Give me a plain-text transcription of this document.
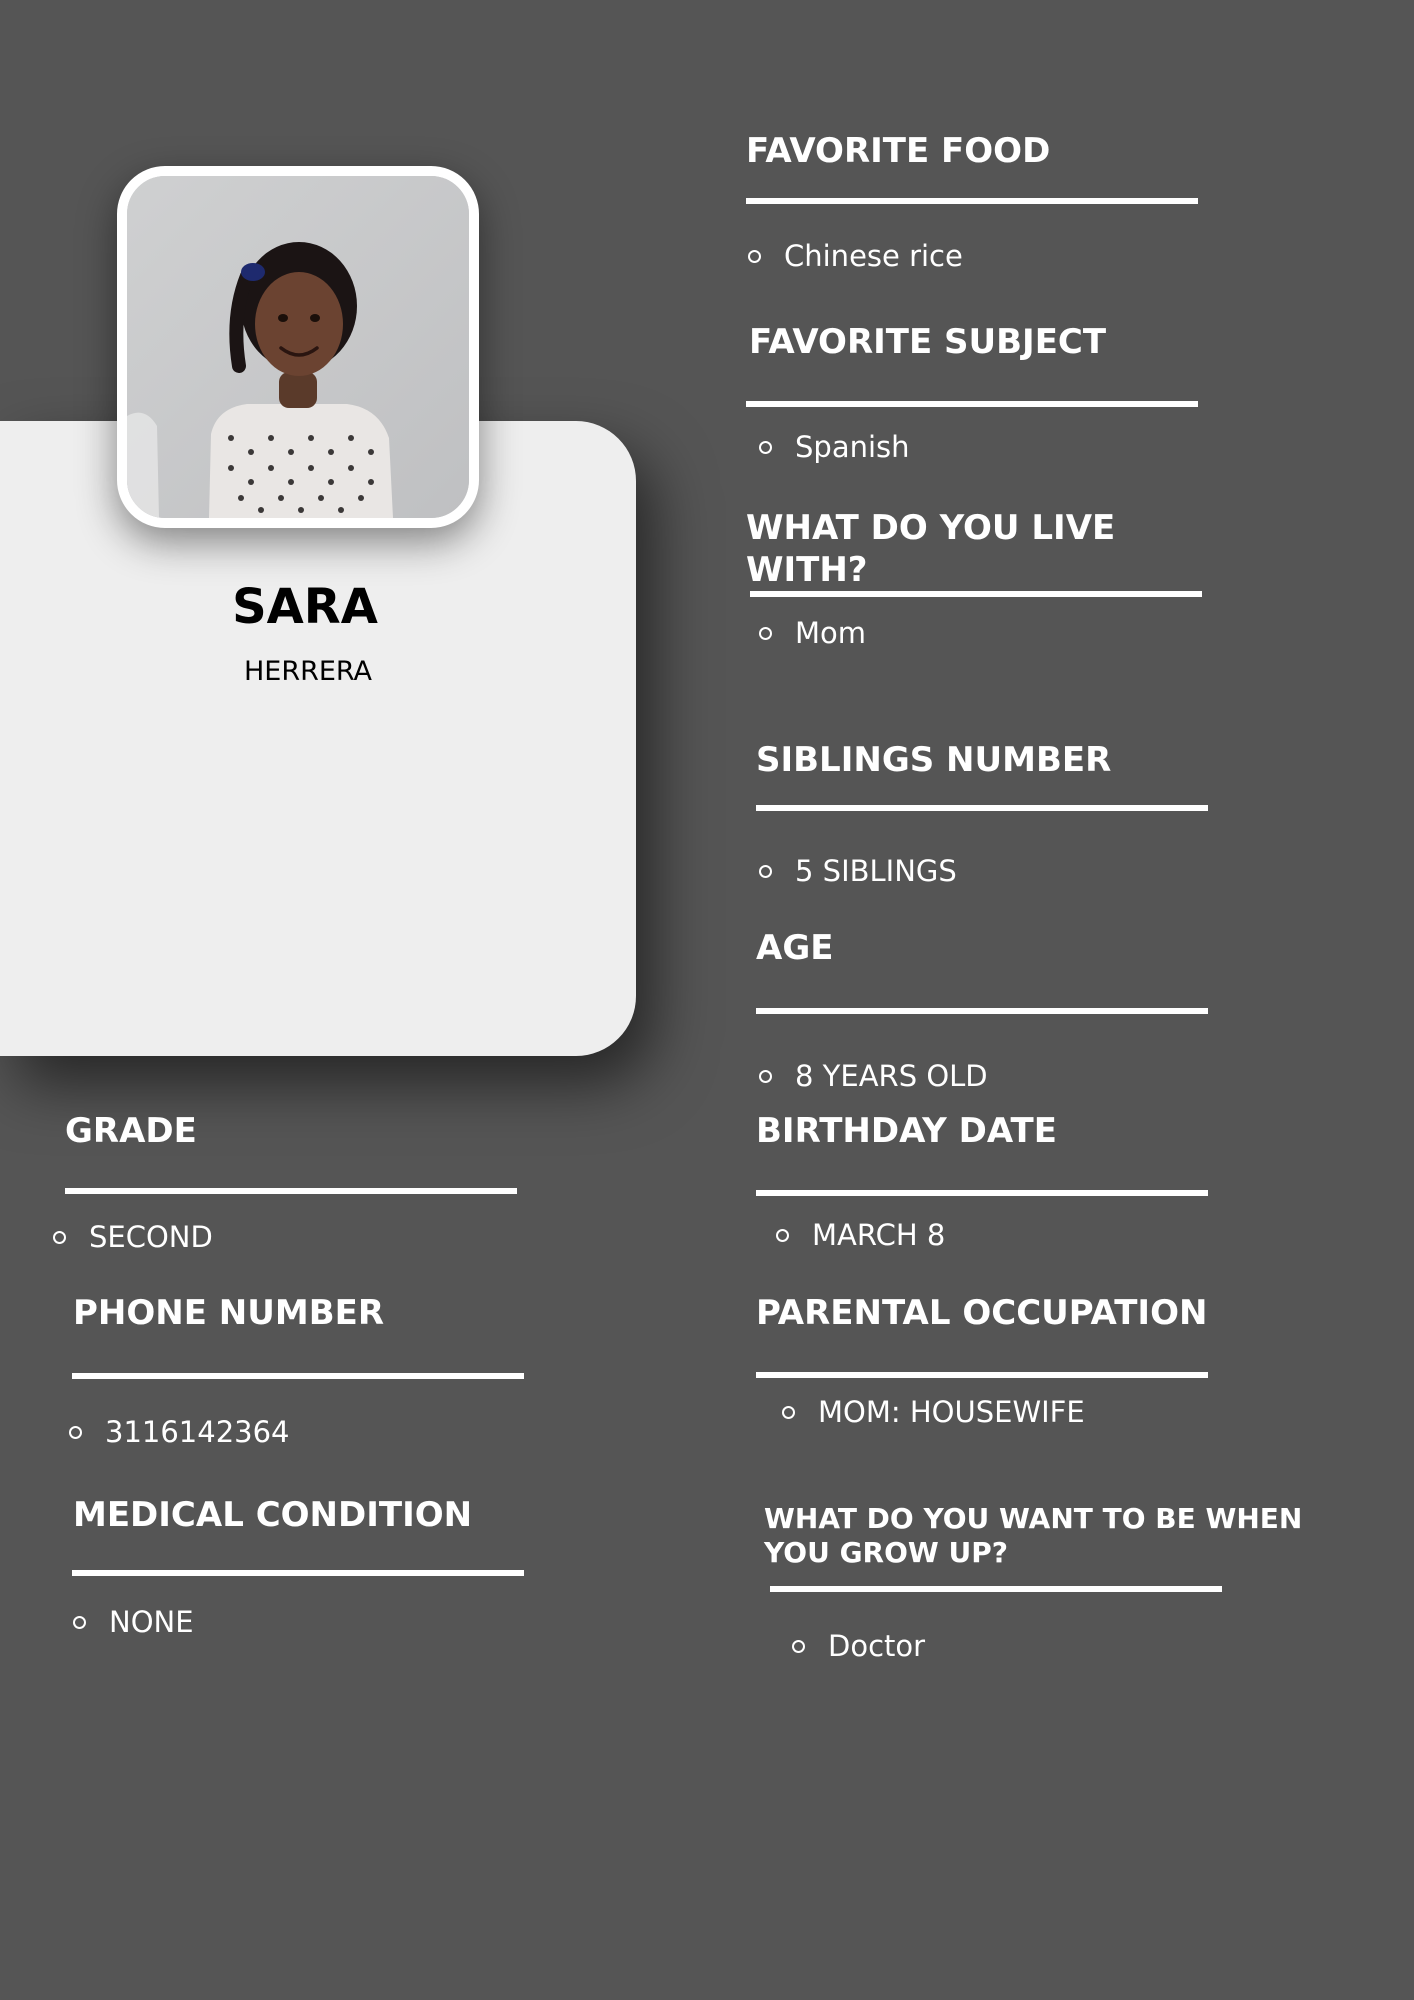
SARA
HERRERA
FAVORITE FOOD
Chinese rice
FAVORITE SUBJECT
Spanish
WHAT DO YOU LIVE WITH?
Mom
SIBLINGS NUMBER
5 SIBLINGS
AGE
8 YEARS OLD
BIRTHDAY DATE
MARCH 8
PARENTAL OCCUPATION
MOM: HOUSEWIFE
WHAT DO YOU WANT TO BE WHEN YOU GROW UP?
Doctor
GRADE
SECOND
PHONE NUMBER
3116142364
MEDICAL CONDITION
NONE
